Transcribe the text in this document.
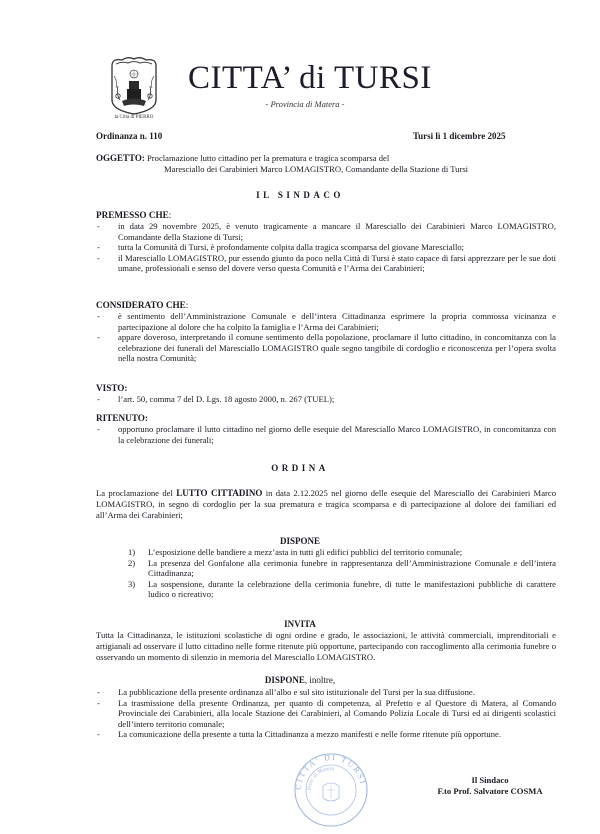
la Città di PIERRO
CITTA’ di TURSI
- Provincia di Matera -
Ordinanza n. 110	Tursi lì 1 dicembre 2025
OGGETTO: Proclamazione lutto cittadino per la prematura e tragica scomparsa del
Maresciallo dei Carabinieri Marco LOMAGISTRO, Comandante della Stazione di Tursi
IL SINDACO
PREMESSO CHE:
-	in data 29 novembre 2025, è venuto tragicamente a mancare il Maresciallo dei Carabinieri Marco LOMAGISTRO, Comandante della Stazione di Tursi;
-	tutta la Comunità di Tursi, è profondamente colpita dalla tragica scomparsa del giovane Maresciallo;
-	il Maresciallo LOMAGISTRO, pur essendo giunto da poco nella Città di Tursi è stato capace di farsi apprezzare per le sue doti umane, professionali e senso del dovere verso questa Comunità e l’Arma dei Carabinieri;
CONSIDERATO CHE:
-	è sentimento dell’Amministrazione Comunale e dell’intera Cittadinanza esprimere la propria commossa vicinanza e partecipazione al dolore che ha colpito la famiglia e l’Arma dei Carabinieri;
-	appare doveroso, interpretando il comune sentimento della popolazione, proclamare il lutto cittadino, in concomitanza con la celebrazione dei funerali del Maresciallo LOMAGISTRO quale segno tangibile di cordoglio e riconoscenza per l’opera svolta nella nostra Comunità;
VISTO:
-	l’art. 50, comma 7 del D. Lgs. 18 agosto 2000, n. 267 (TUEL);
RITENUTO:
-	opportuno proclamare il lutto cittadino nel giorno delle esequie del Maresciallo Marco LOMAGISTRO, in concomitanza con la celebrazione dei funerali;
ORDINA
La proclamazione del LUTTO CITTADINO in data 2.12.2025 nel giorno delle esequie del Maresciallo dei Carabinieri Marco LOMAGISTRO, in segno di cordoglio per la sua prematura e tragica scomparsa e di partecipazione al dolore dei familiari ed all’Arma dei Carabinieri;
DISPONE
1)	L’esposizione delle bandiere a mezz’asta in tutti gli edifici pubblici del territorio comunale;
2)	La presenza del Gonfalone alla cerimonia funebre in rappresentanza dell’Amministrazione Comunale e dell’intera Cittadinanza;
3)	La sospensione, durante la celebrazione della cerimonia funebre, di tutte le manifestazioni pubbliche di carattere ludico o ricreativo;
INVITA
Tutta la Cittadinanza, le istituzioni scolastiche di ogni ordine e grado, le associazioni, le attività commerciali, imprenditoriali e artigianali ad osservare il lutto cittadino nelle forme ritenute più opportune, partecipando con raccoglimento alla cerimonia funebre o osservando un momento di silenzio in memoria del Maresciallo LOMAGISTRO.
DISPONE, inoltre,
-	La pubblicazione della presente ordinanza all’albo e sul sito istituzionale del Tursi per la sua diffusione.
-	La trasmissione della presente Ordinanza, per quanto di competenza, al Prefetto e al Questore di Matera, al Comando Provinciale dei Carabinieri, alla locale Stazione dei Carabinieri, al Comando Polizia Locale di Tursi ed ai dirigenti scolastici dell’intero territorio comunale;
-	La comunicazione della presente a tutta la Cittadinanza a mezzo manifesti e nelle forme ritenute più opportune.
CITTA' DI TURSI
Prov. di Matera
Il Sindaco
F.to Prof. Salvatore COSMA
